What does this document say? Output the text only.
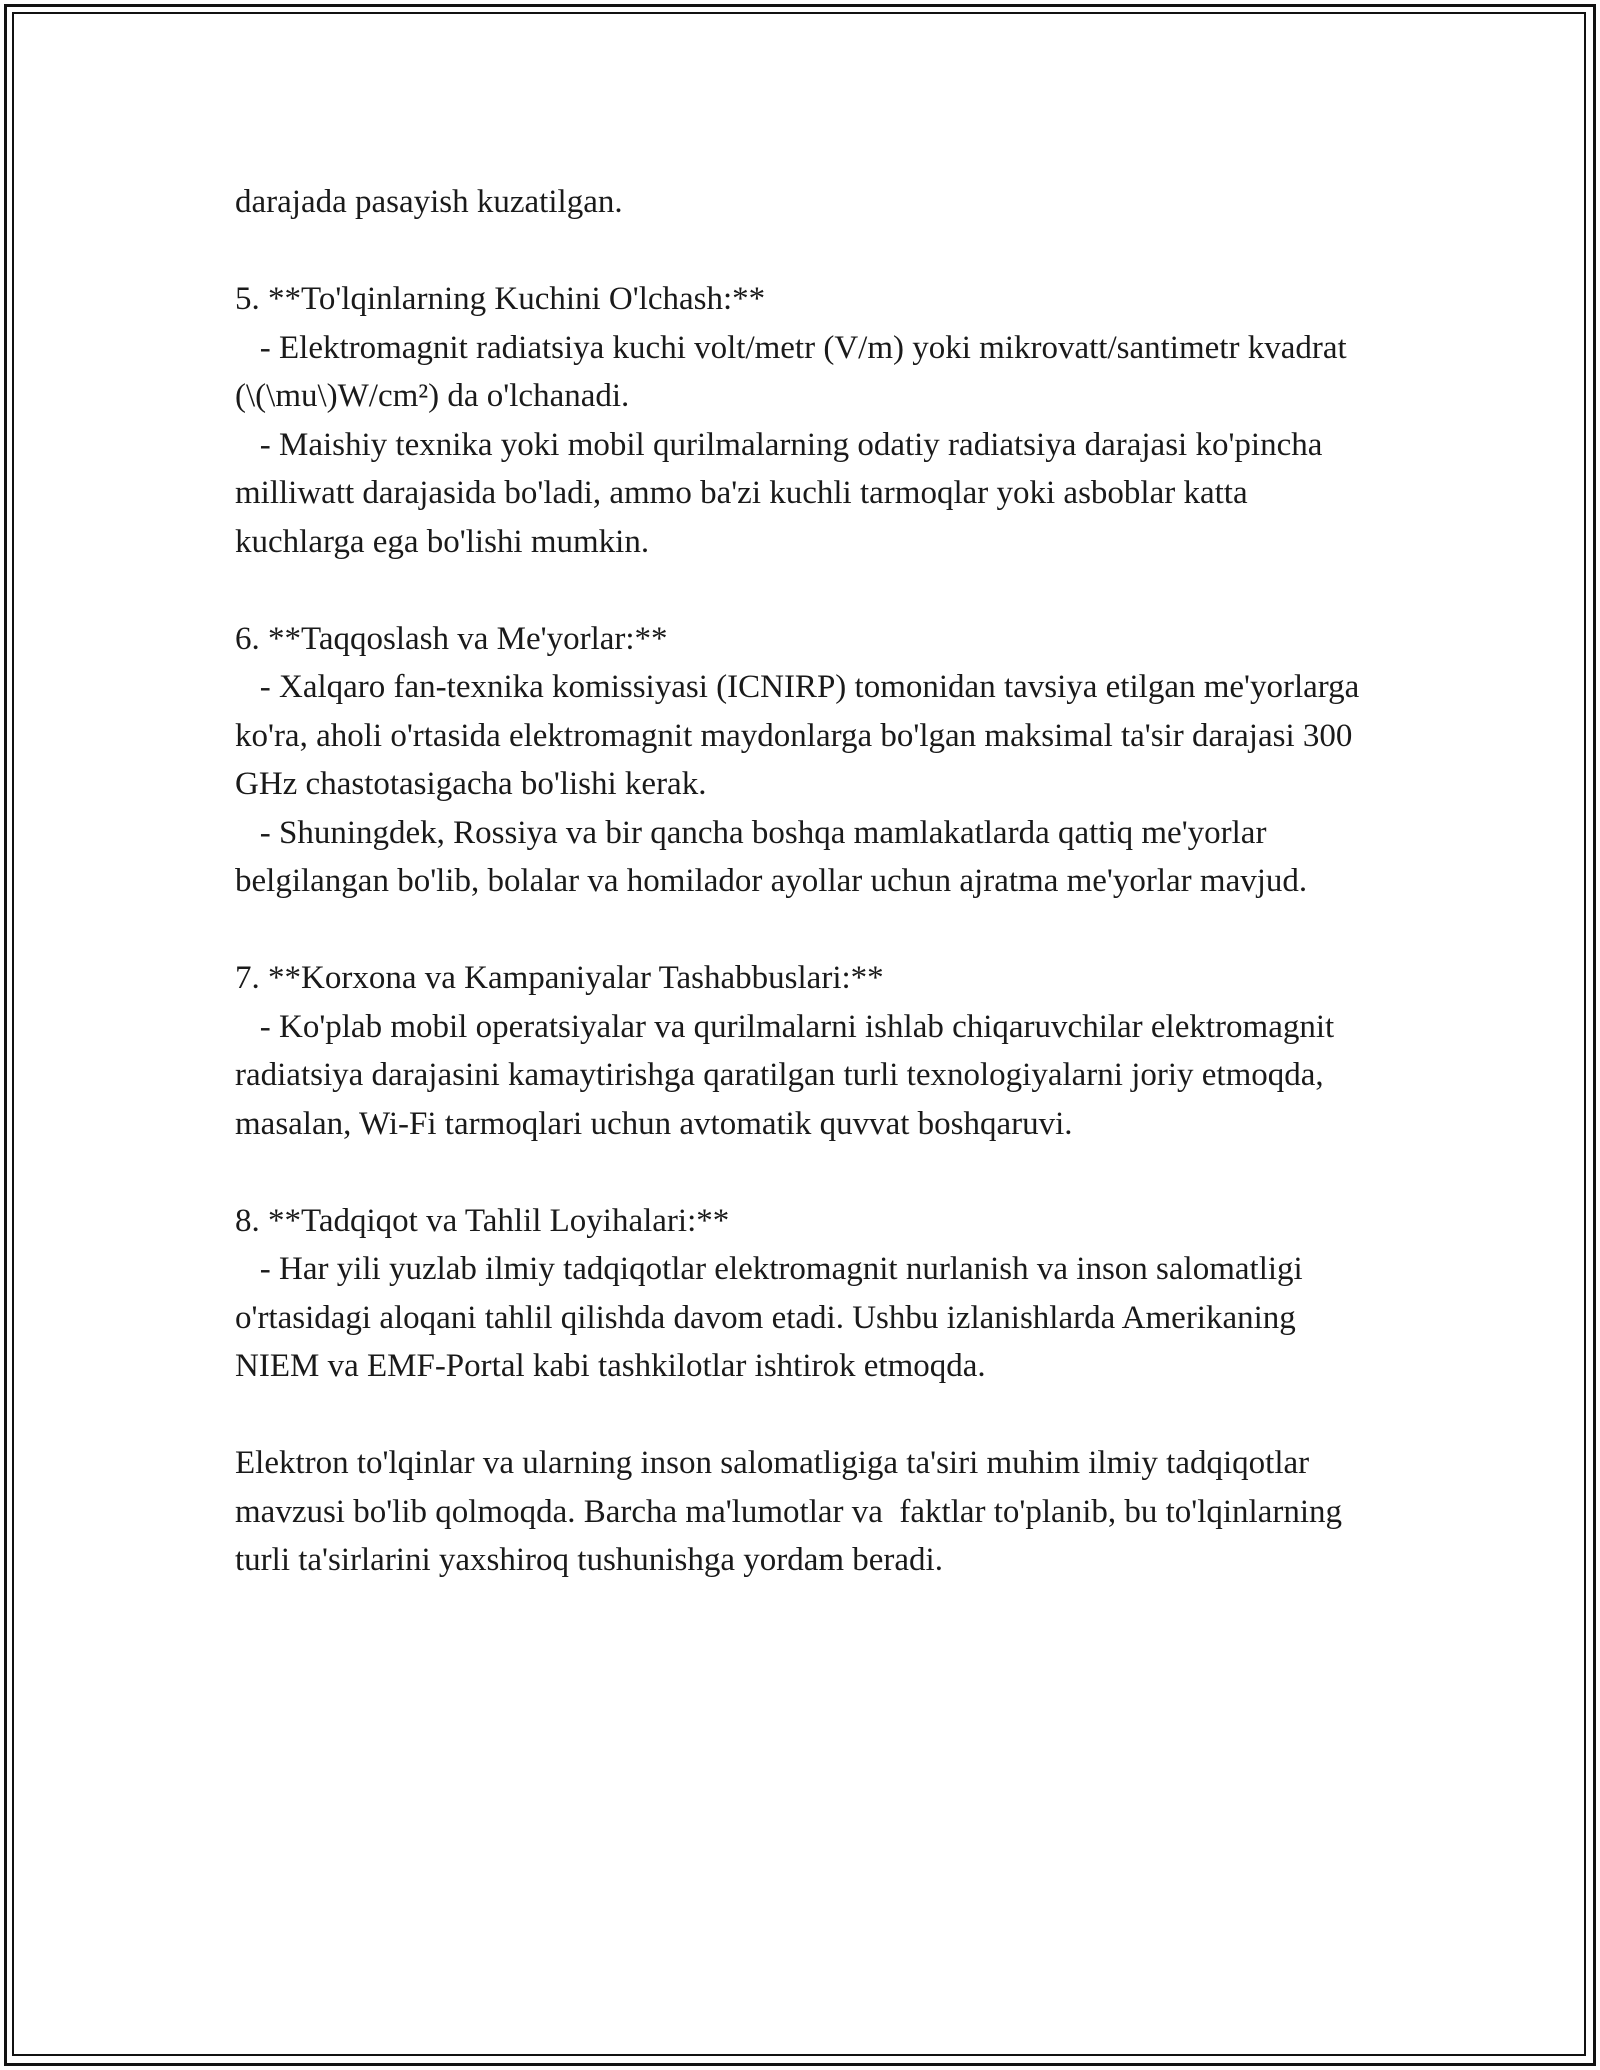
darajada pasayish kuzatilgan.

5. **To'lqinlarning Kuchini O'lchash:**

- Elektromagnit radiatsiya kuchi volt/metr (V/m) yoki mikrovatt/santimetr kvadrat (\(\mu\)W/cm²) da o'lchanadi.

- Maishiy texnika yoki mobil qurilmalarning odatiy radiatsiya darajasi ko'pincha milliwatt darajasida bo'ladi, ammo ba'zi kuchli tarmoqlar yoki asboblar katta kuchlarga ega bo'lishi mumkin.

6. **Taqqoslash va Me'yorlar:**

- Xalqaro fan-texnika komissiyasi (ICNIRP) tomonidan tavsiya etilgan me'yorlarga ko'ra, aholi o'rtasida elektromagnit maydonlarga bo'lgan maksimal ta'sir darajasi 300 GHz chastotasigacha bo'lishi kerak.

- Shuningdek, Rossiya va bir qancha boshqa mamlakatlarda qattiq me'yorlar belgilangan bo'lib, bolalar va homilador ayollar uchun ajratma me'yorlar mavjud.

7. **Korxona va Kampaniyalar Tashabbuslari:**

- Ko'plab mobil operatsiyalar va qurilmalarni ishlab chiqaruvchilar elektromagnit radiatsiya darajasini kamaytirishga qaratilgan turli texnologiyalarni joriy etmoqda, masalan, Wi-Fi tarmoqlari uchun avtomatik quvvat boshqaruvi.

8. **Tadqiqot va Tahlil Loyihalari:**

- Har yili yuzlab ilmiy tadqiqotlar elektromagnit nurlanish va inson salomatligi o'rtasidagi aloqani tahlil qilishda davom etadi. Ushbu izlanishlarda Amerikaning NIEM va EMF-Portal kabi tashkilotlar ishtirok etmoqda.

Elektron to'lqinlar va ularning inson salomatligiga ta'siri muhim ilmiy tadqiqotlar mavzusi bo'lib qolmoqda. Barcha ma'lumotlar va  faktlar to'planib, bu to'lqinlarning turli ta'sirlarini yaxshiroq tushunishga yordam beradi.
